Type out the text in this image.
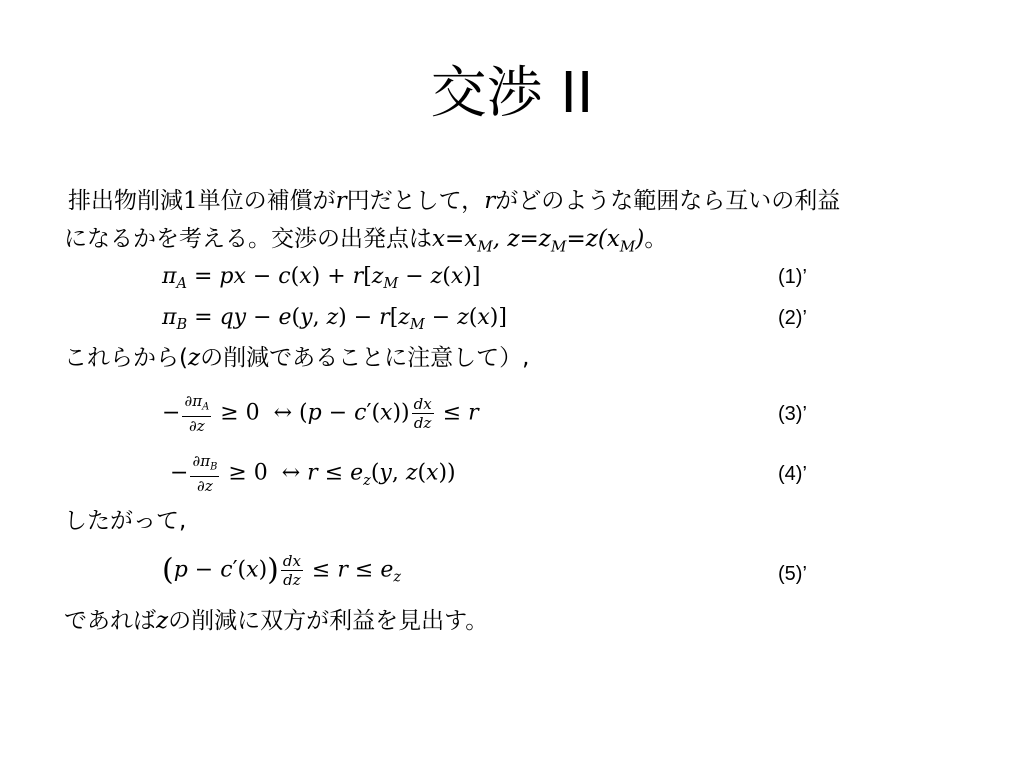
交渉 II
排出物削減1単位の補償がr円だとして，rがどのような範囲なら互いの利益
になるかを考える。交渉の出発点は$x=x_M$, $z=z_M=z(x_M)$。
$\pi_A$ = px − $c(x) + r[z_M - z(x)]$	(1)’
$\pi_B$ = qy − e(y, $z) - r[z_M - z(x)]$	(2)’
これらから(zの削減であることに注意して）,
− $\frac{\partial\pi_A}{\partial z} \ge 0$  ↔ $(p - c'(x)) \frac{dx}{dz} \le r$	(3)’
− $\frac{\partial\pi_B}{\partial z} \ge 0$  ↔ $r \le e_z(y$, z(x))	(4)’
したがって,
$(p - c'(x)) \frac{dx}{dz} \le r \le e_z$	(5)’
であればzの削減に双方が利益を見出す。
